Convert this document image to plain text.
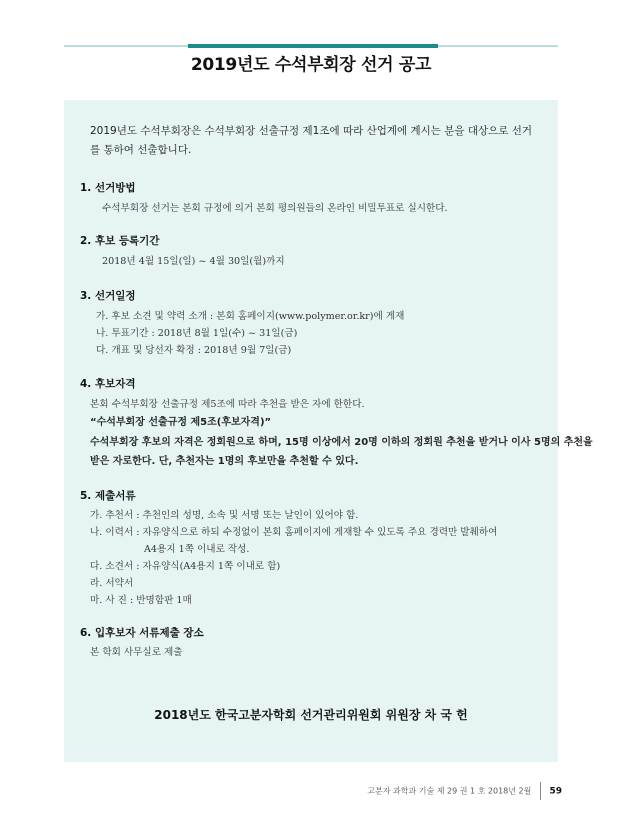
2019년도 수석부회장 선거 공고
2019년도 수석부회장은 수석부회장 선출규정 제1조에 따라 산업계에 계시는 분을 대상으로 선거를 통하여 선출합니다.
1. 선거방법
수석부회장 선거는 본회 규정에 의거 본회 평의원들의 온라인 비밀투표로 실시한다.
2. 후보 등록기간
2018년 4월 15일(일) ~ 4월 30일(월)까지
3. 선거일정
가. 후보 소견 및 약력 소개 : 본회 홈페이지(www.polymer.or.kr)에 게재
나. 투표기간 : 2018년 8월 1일(수) ~ 31일(금)
다. 개표 및 당선자 확정 : 2018년 9월 7일(금)
4. 후보자격
본회 수석부회장 선출규정 제5조에 따라 추천을 받은 자에 한한다.
“수석부회장 선출규정 제5조(후보자격)”
수석부회장 후보의 자격은 정회원으로 하며, 15명 이상에서 20명 이하의 정회원 추천을 받거나 이사 5명의 추천을
받은 자로한다. 단, 추천자는 1명의 후보만을 추천할 수 있다.
5. 제출서류
가. 추천서 : 추천인의 성명, 소속 및 서명 또는 날인이 있어야 함.
나. 이력서 : 자유양식으로 하되 수정없이 본회 홈페이지에 게재할 수 있도록 주요 경력만 발췌하여
A4용지 1쪽 이내로 작성.
다. 소견서 : 자유양식(A4용지 1쪽 이내로 함)
라. 서약서
마. 사 진 : 반명함판 1매
6. 입후보자 서류제출 장소
본 학회 사무실로 제출
2018년도 한국고분자학회 선거관리위원회 위원장 차 국 헌
고분자 과학과 기술 제 29 권 1 호 2018년 2월 59
